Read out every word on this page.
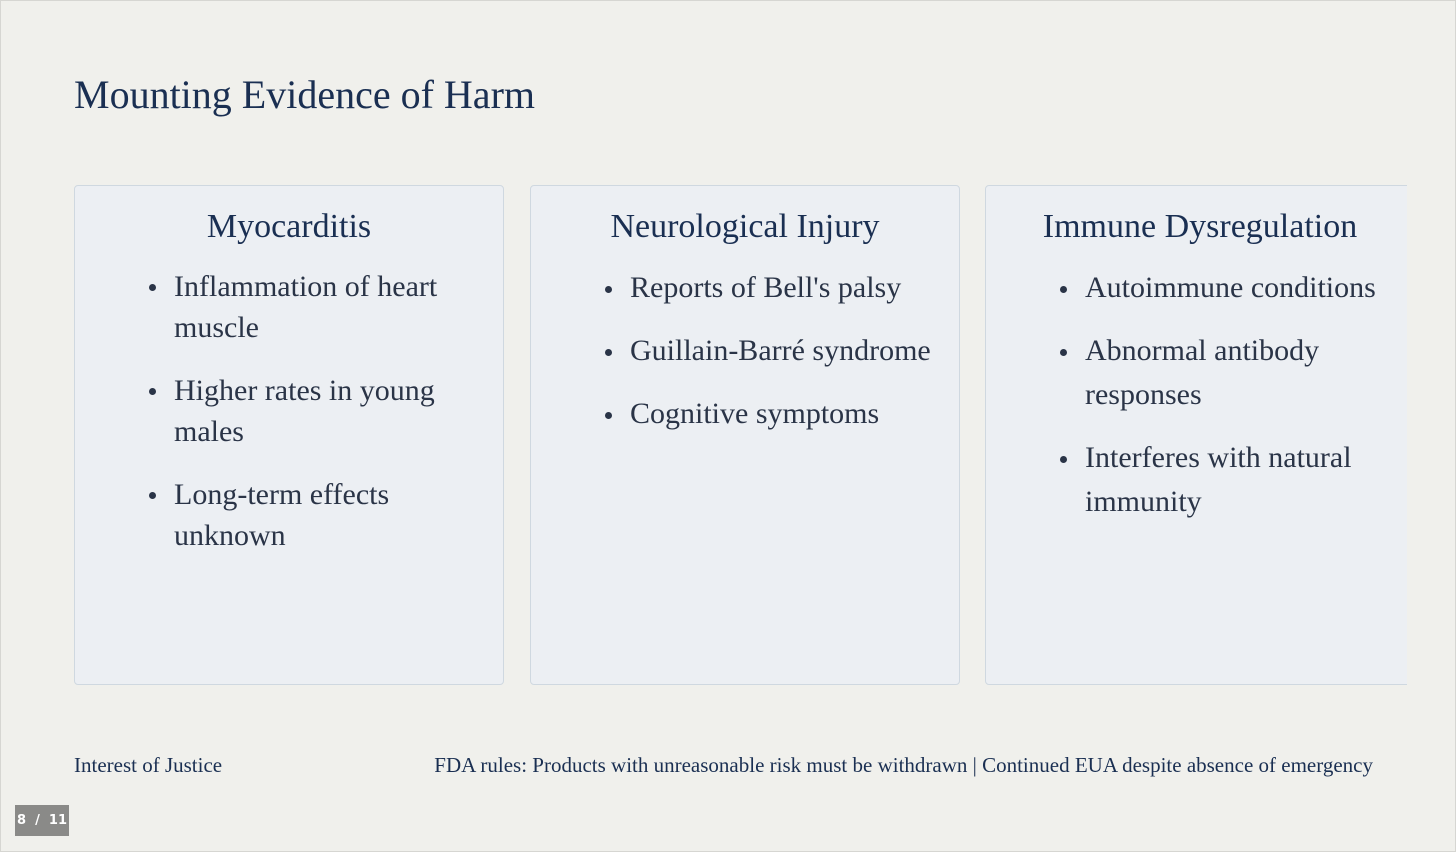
Mounting Evidence of Harm
Myocarditis
Inflammation of heart muscle
Higher rates in young males
Long-term effects unknown
Neurological Injury
Reports of Bell's palsy
Guillain-Barré syndrome
Cognitive symptoms
Immune Dysregulation
Autoimmune conditions
Abnormal antibody responses
Interferes with natural immunity
Interest of Justice	FDA rules: Products with unreasonable risk must be withdrawn | Continued EUA despite absence of emergency
8
/
11
